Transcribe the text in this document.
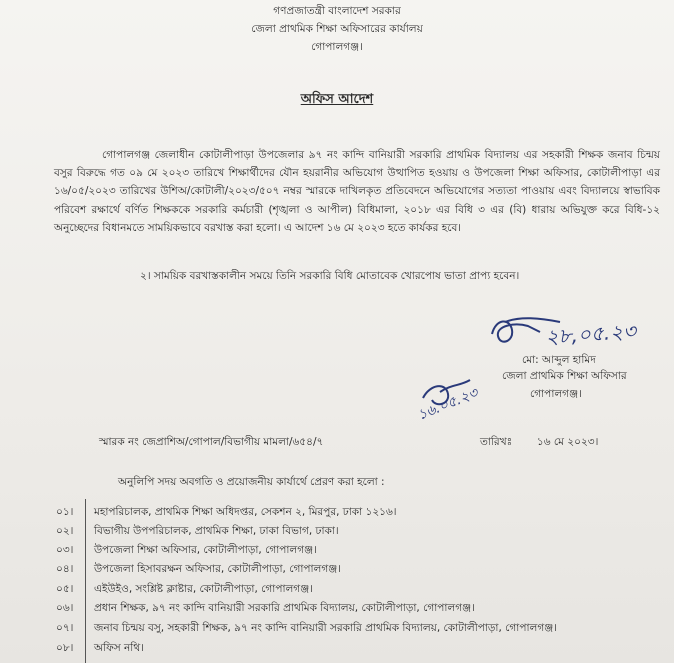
গণপ্রজাতন্ত্রী বাংলাদেশ সরকার
জেলা প্রাথমিক শিক্ষা অফিসারের কার্যালয়
গোপালগঞ্জ।
অফিস আদেশ
গোপালগঞ্জ জেলাধীন কোটালীপাড়া উপজেলার ৯৭ নং কান্দি বানিয়ারী সরকারি প্রাথমিক বিদ্যালয় এর সহকারী শিক্ষক জনাব চিন্ময় বসুর বিরুদ্ধে গত ০৯ মে ২০২৩ তারিখে শিক্ষার্থীদের যৌন হয়রানীর অভিযোগ উত্থাপিত হওয়ায় ও উপজেলা শিক্ষা অফিসার, কোটালীপাড়া এর ১৬/০৫/২০২৩ তারিখের উশিঅ/কোটালী/২০২৩/৫০৭ নম্বর স্মারকে দাখিলকৃত প্রতিবেদনে অভিযোগের সত্যতা পাওয়ায় এবং বিদ্যালয়ে স্বাভাবিক পরিবেশ রক্ষার্থে বর্ণিত শিক্ষককে সরকারি কর্মচারী (শৃঙ্খলা ও আপীল) বিধিমালা, ২০১৮ এর বিধি ৩ এর (বি) ধারায় অভিযুক্ত করে বিধি-১২ অনুচ্ছেদের বিধানমতে সাময়িকভাবে বরখাস্ত করা হলো। এ আদেশ ১৬ মে ২০২৩ হতে কার্যকর হবে।
২। সাময়িক বরখাস্তকালীন সময়ে তিনি সরকারি বিধি মোতাবেক খোরপোষ ভাতা প্রাপ্য হবেন।
২৮,০৫.২৩
১৬.০৫.২৩
মো: আব্দুল হামিদ
জেলা প্রাথমিক শিক্ষা অফিসার
গোপালগঞ্জ।
স্মারক নং জেপ্রাশিঅ/গোপাল/বিভাগীয় মামলা/৬৫৪/৭	তারিখঃ ১৬ মে ২০২৩।
অনুলিপি সদয় অবগতি ও প্রয়োজনীয় কার্যার্থে প্রেরণ করা হলো :
০১। মহাপরিচালক, প্রাথমিক শিক্ষা অধিদপ্তর, সেকশন ২, মিরপুর, ঢাকা ১২১৬।
০২। বিভাগীয় উপপরিচালক, প্রাথমিক শিক্ষা, ঢাকা বিভাগ, ঢাকা।
০৩। উপজেলা শিক্ষা অফিসার, কোটালীপাড়া, গোপালগঞ্জ।
০৪। উপজেলা হিসাবরক্ষন অফিসার, কোটালীপাড়া, গোপালগঞ্জ।
০৫। এইউইও, সংশ্লিষ্ট ক্লাষ্টার, কোটালীপাড়া, গোপালগঞ্জ।
০৬। প্রধান শিক্ষক, ৯৭ নং কান্দি বানিয়ারী সরকারি প্রাথমিক বিদ্যালয়, কোটালীপাড়া, গোপালগঞ্জ।
০৭। জনাব চিন্ময় বসু, সহকারী শিক্ষক, ৯৭ নং কান্দি বানিয়ারী সরকারি প্রাথমিক বিদ্যালয়, কোটালীপাড়া, গোপালগঞ্জ।
০৮। অফিস নথি।
